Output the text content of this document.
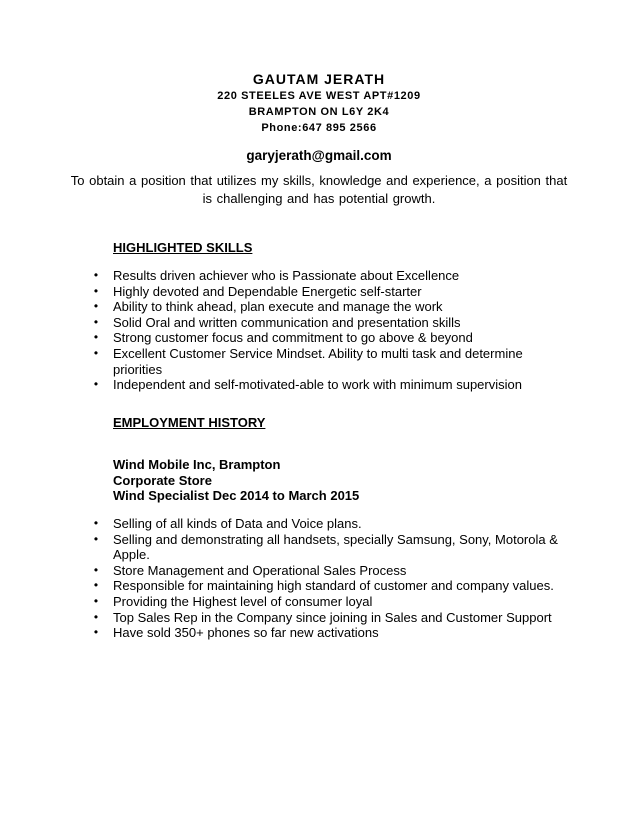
GAUTAM JERATH
220 STEELES AVE WEST APT#1209
BRAMPTON ON L6Y 2K4
Phone:647 895 2566
garyjerath@gmail.com
To obtain a position that utilizes my skills, knowledge and experience, a position that is challenging and has potential growth.
HIGHLIGHTED SKILLS
• Results driven achiever who is Passionate about Excellence
• Highly devoted and Dependable Energetic self-starter
• Ability to think ahead, plan execute and manage the work
• Solid Oral and written communication and presentation skills
• Strong customer focus and commitment to go above & beyond
• Excellent Customer Service Mindset. Ability to multi task and determine priorities
• Independent and self-motivated-able to work with minimum supervision
EMPLOYMENT HISTORY
Wind Mobile Inc, Brampton
Corporate Store
Wind Specialist Dec 2014 to March 2015
• Selling of all kinds of Data and Voice plans.
• Selling and demonstrating all handsets, specially Samsung, Sony, Motorola & Apple.
• Store Management and Operational Sales Process
• Responsible for maintaining high standard of customer and company values.
• Providing the Highest level of consumer loyal
• Top Sales Rep in the Company since joining in Sales and Customer Support
• Have sold 350+ phones so far new activations
